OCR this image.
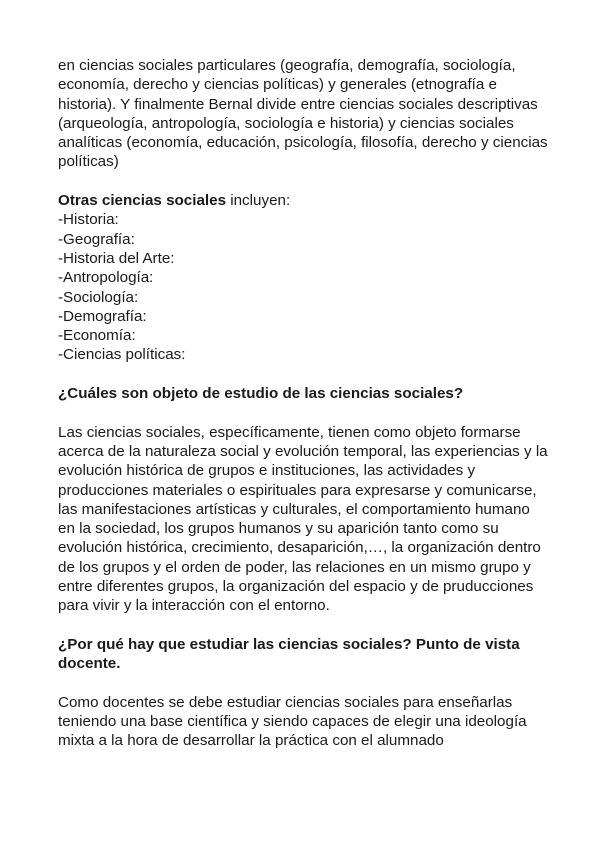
en ciencias sociales particulares (geografía, demografía, sociología, economía, derecho y ciencias políticas) y generales (etnografía e historia). Y finalmente Bernal divide entre ciencias sociales descriptivas (arqueología, antropología, sociología e historia) y ciencias sociales analíticas (economía, educación, psicología, filosofía, derecho y ciencias políticas)

Otras ciencias sociales incluyen:

-Historia:
-Geografía:
-Historia del Arte:
-Antropología:
-Sociología:
-Demografía:
-Economía:
-Ciencias políticas:

¿Cuáles son objeto de estudio de las ciencias sociales?

Las ciencias sociales, específicamente, tienen como objeto formarse acerca de la naturaleza social y evolución temporal, las experiencias y la evolución histórica de grupos e instituciones, las actividades y producciones materiales o espirituales para expresarse y comunicarse, las manifestaciones artísticas y culturales, el comportamiento humano en la sociedad, los grupos humanos y su aparición tanto como su evolución histórica, crecimiento, desaparición,…, la organización dentro de los grupos y el orden de poder, las relaciones en un mismo grupo y entre diferentes grupos, la organización del espacio y de pruducciones para vivir y la interacción con el entorno.

¿Por qué hay que estudiar las ciencias sociales? Punto de vista docente.

Como docentes se debe estudiar ciencias sociales para enseñarlas teniendo una base científica y siendo capaces de elegir una ideología mixta a la hora de desarrollar la práctica con el alumnado
